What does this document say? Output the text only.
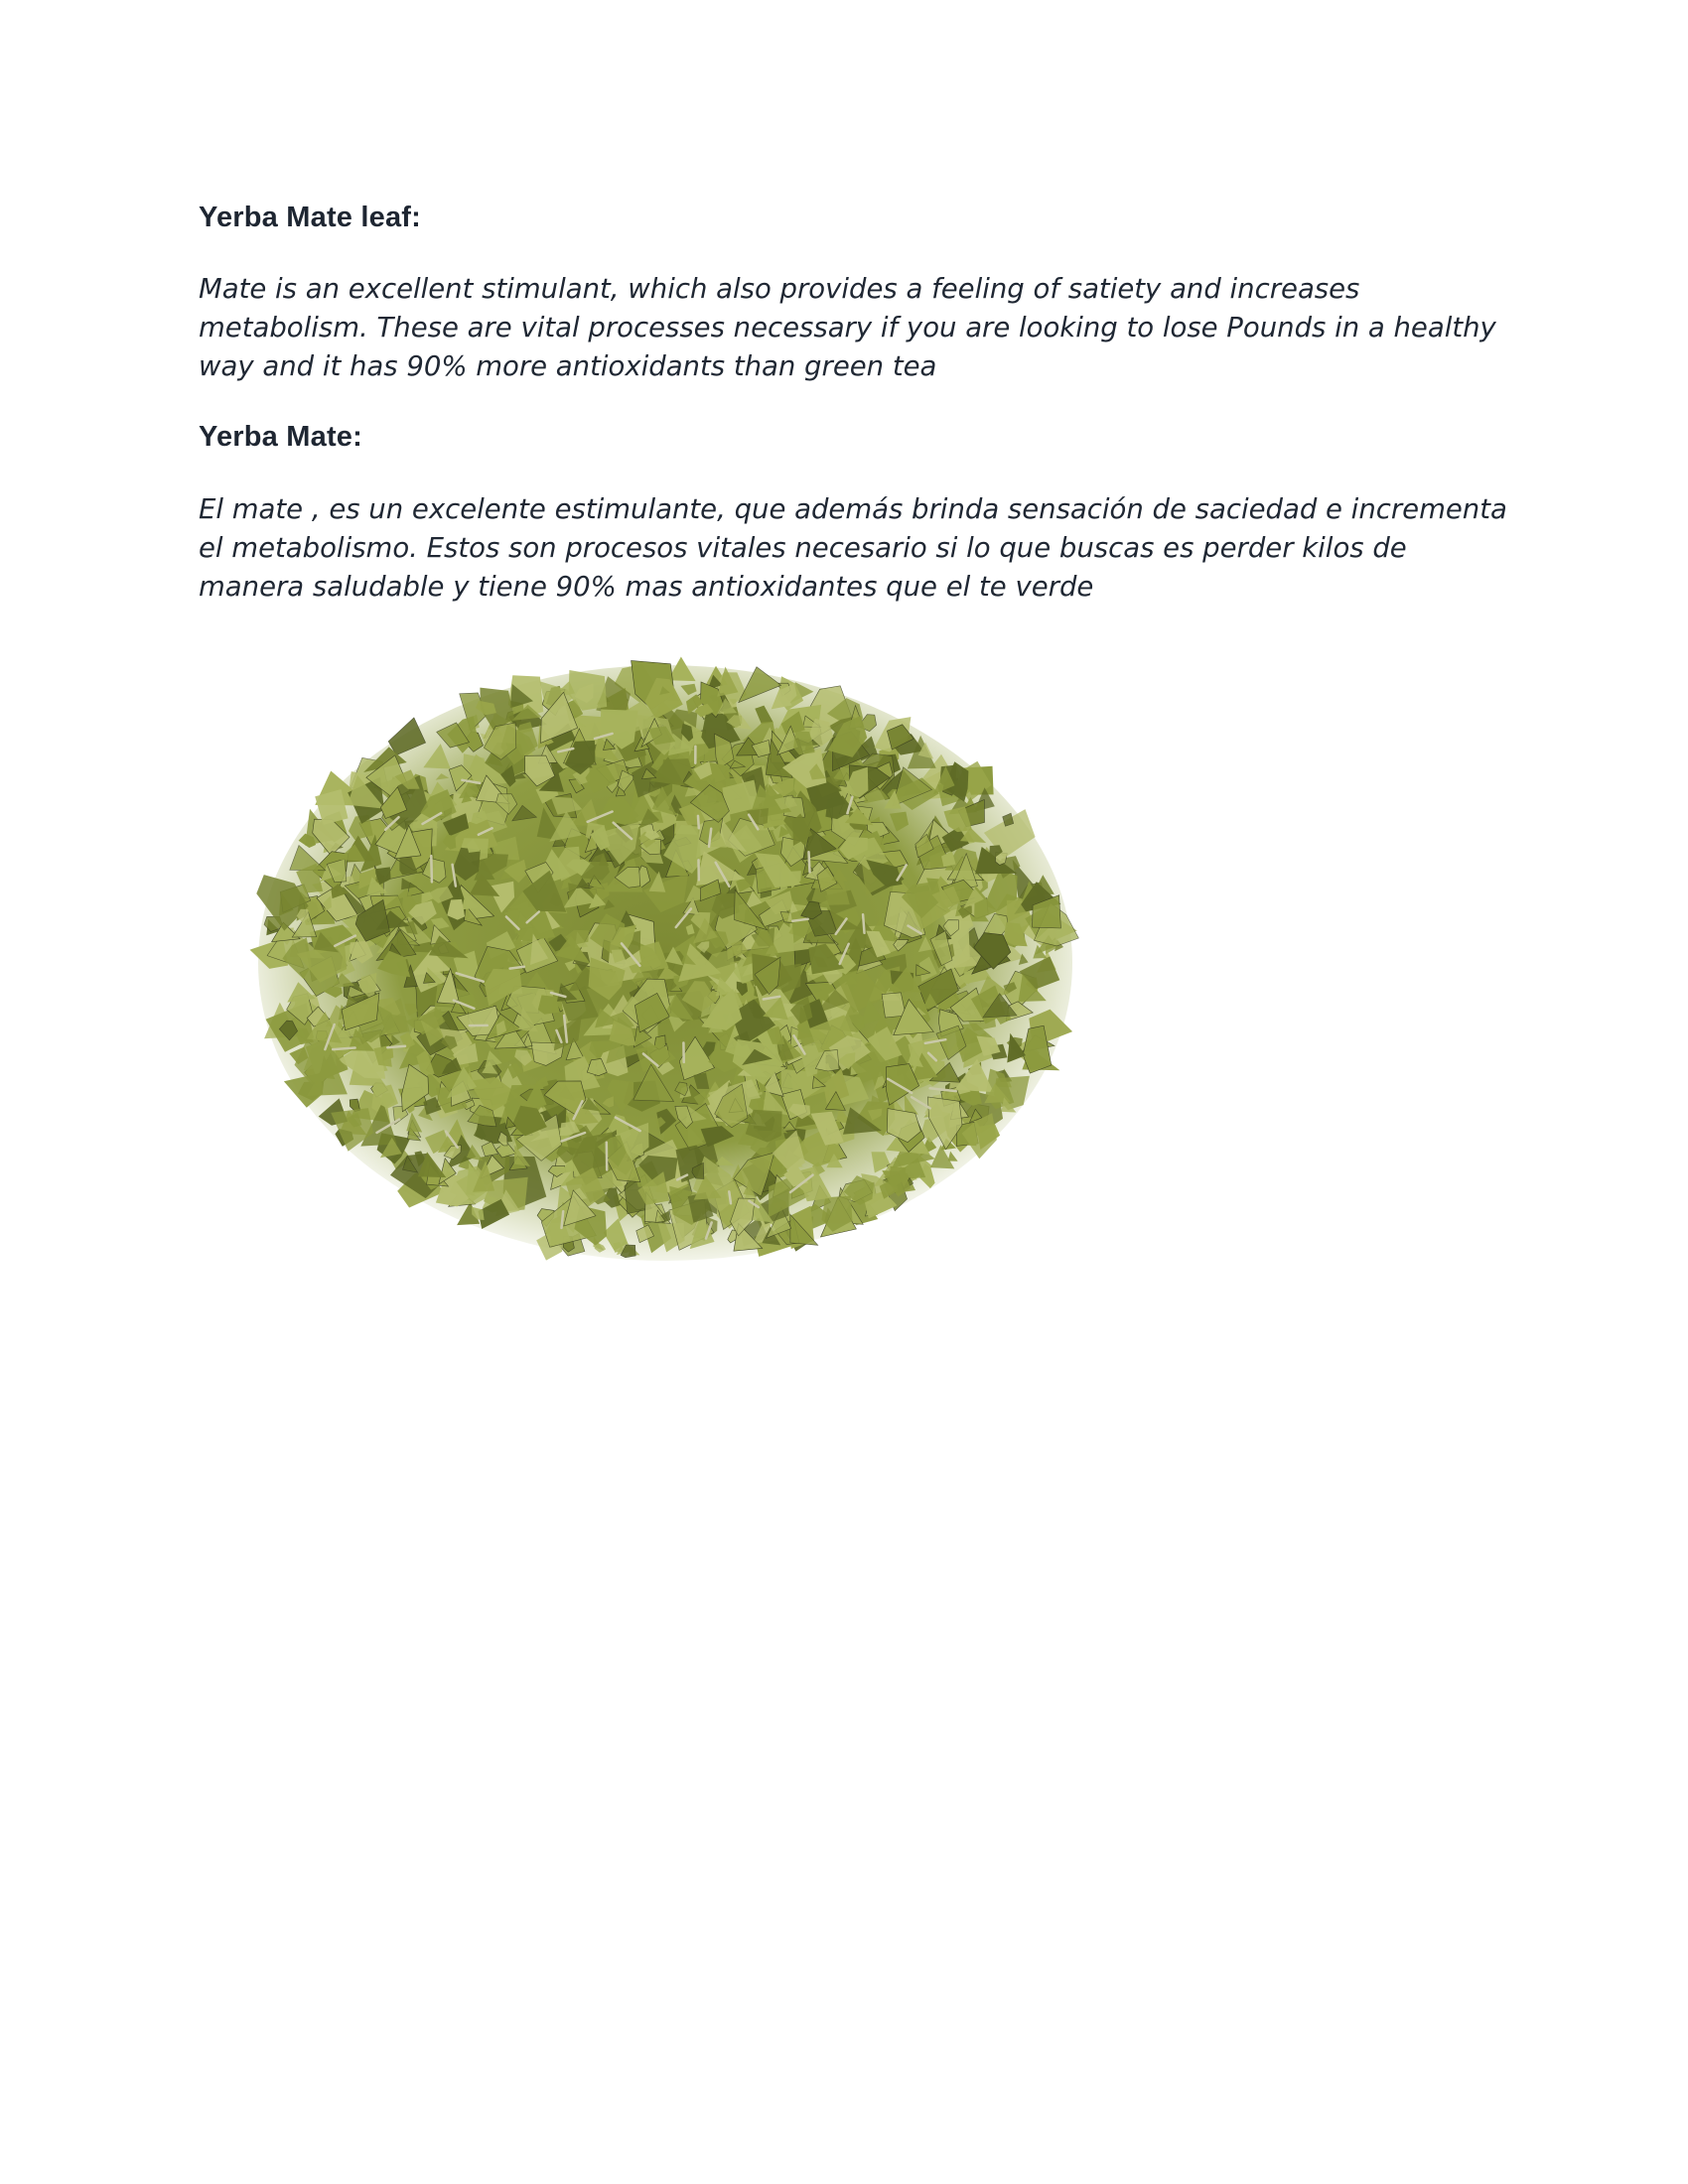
Yerba Mate leaf:

Mate is an excellent stimulant, which also provides a feeling of satiety and increases metabolism. These are vital processes necessary if you are looking to lose Pounds in a healthy way and it has 90% more antioxidants than green tea

Yerba Mate:

El mate , es un excelente estimulante, que además brinda sensación de saciedad e incrementa el metabolismo. Estos son procesos vitales necesario si lo que buscas es perder kilos de manera saludable y tiene 90% mas antioxidantes que el te verde
